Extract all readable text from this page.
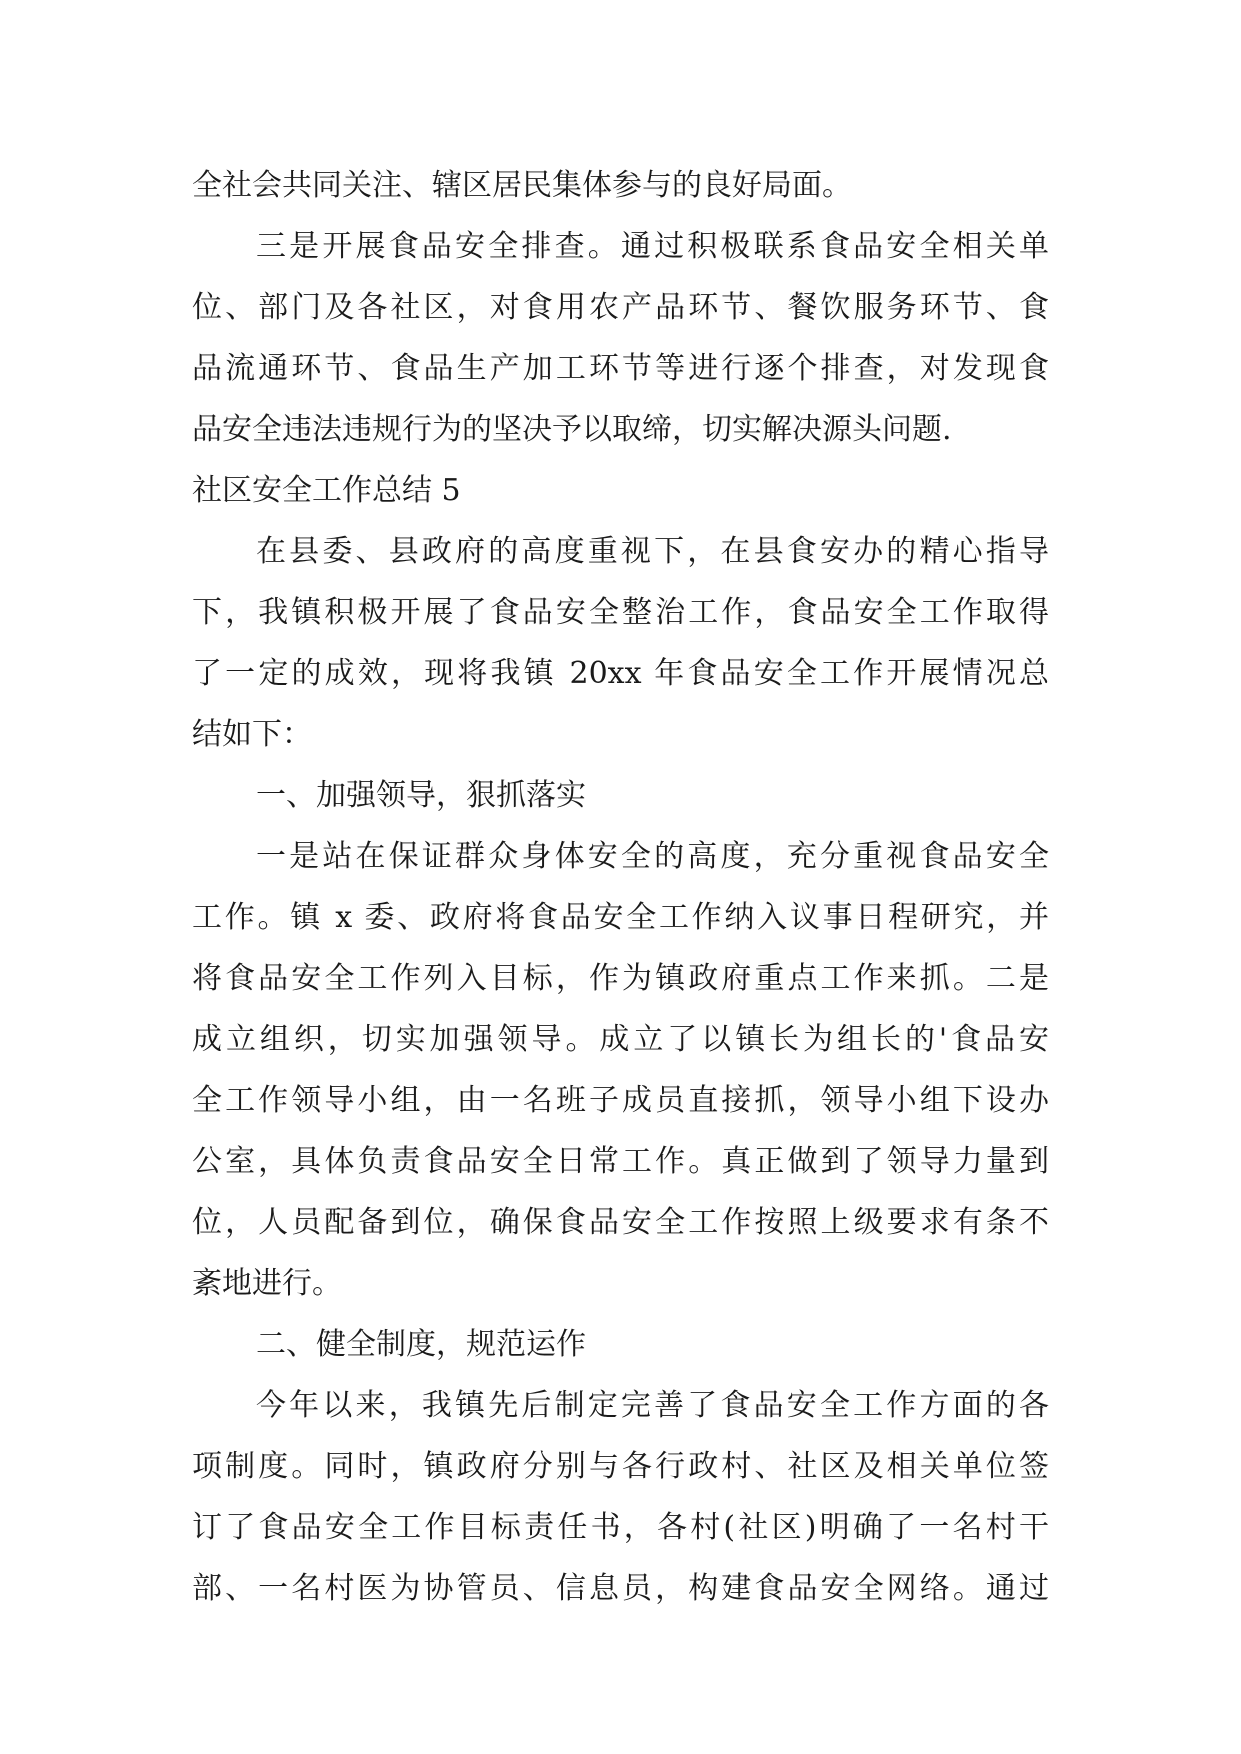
全社会共同关注、辖区居民集体参与的良好局面。
三是开展食品安全排查。通过积极联系食品安全相关单
位、部门及各社区，对食用农产品环节、餐饮服务环节、食
品流通环节、食品生产加工环节等进行逐个排查，对发现食
品安全违法违规行为的坚决予以取缔，切实解决源头问题.
社区安全工作总结 5
在县委、县政府的高度重视下，在县食安办的精心指导
下，我镇积极开展了食品安全整治工作，食品安全工作取得
了一定的成效，现将我镇 20xx 年食品安全工作开展情况总
结如下：
一、加强领导，狠抓落实
一是站在保证群众身体安全的高度，充分重视食品安全
工作。镇 x 委、政府将食品安全工作纳入议事日程研究，并
将食品安全工作列入目标，作为镇政府重点工作来抓。二是
成立组织，切实加强领导。成立了以镇长为组长的'食品安
全工作领导小组，由一名班子成员直接抓，领导小组下设办
公室，具体负责食品安全日常工作。真正做到了领导力量到
位，人员配备到位，确保食品安全工作按照上级要求有条不
紊地进行。
二、健全制度，规范运作
今年以来，我镇先后制定完善了食品安全工作方面的各
项制度。同时，镇政府分别与各行政村、社区及相关单位签
订了食品安全工作目标责任书，各村(社区)明确了一名村干
部、一名村医为协管员、信息员，构建食品安全网络。通过
